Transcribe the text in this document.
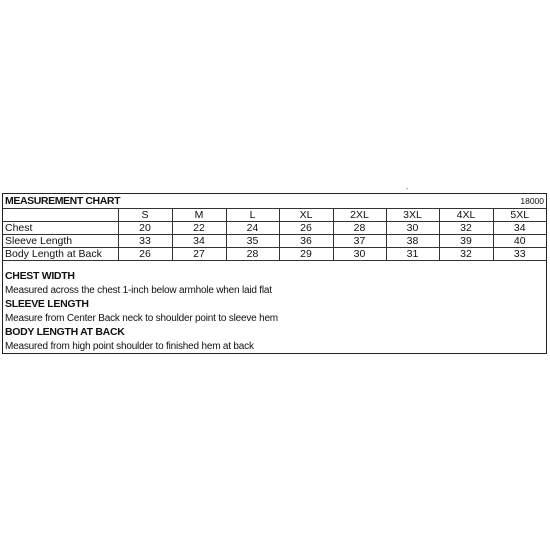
-
MEASUREMENT CHART	18000
	S	M	L	XL	2XL	3XL	4XL	5XL
Chest	20	22	24	26	28	30	32	34
Sleeve Length	33	34	35	36	37	38	39	40
Body Length at Back	26	27	28	29	30	31	32	33
CHEST WIDTH
Measured across the chest 1-inch below armhole when laid flat
SLEEVE LENGTH
Measure from Center Back neck to shoulder point to sleeve hem
BODY LENGTH AT BACK
Measured from high point shoulder to finished hem at back
